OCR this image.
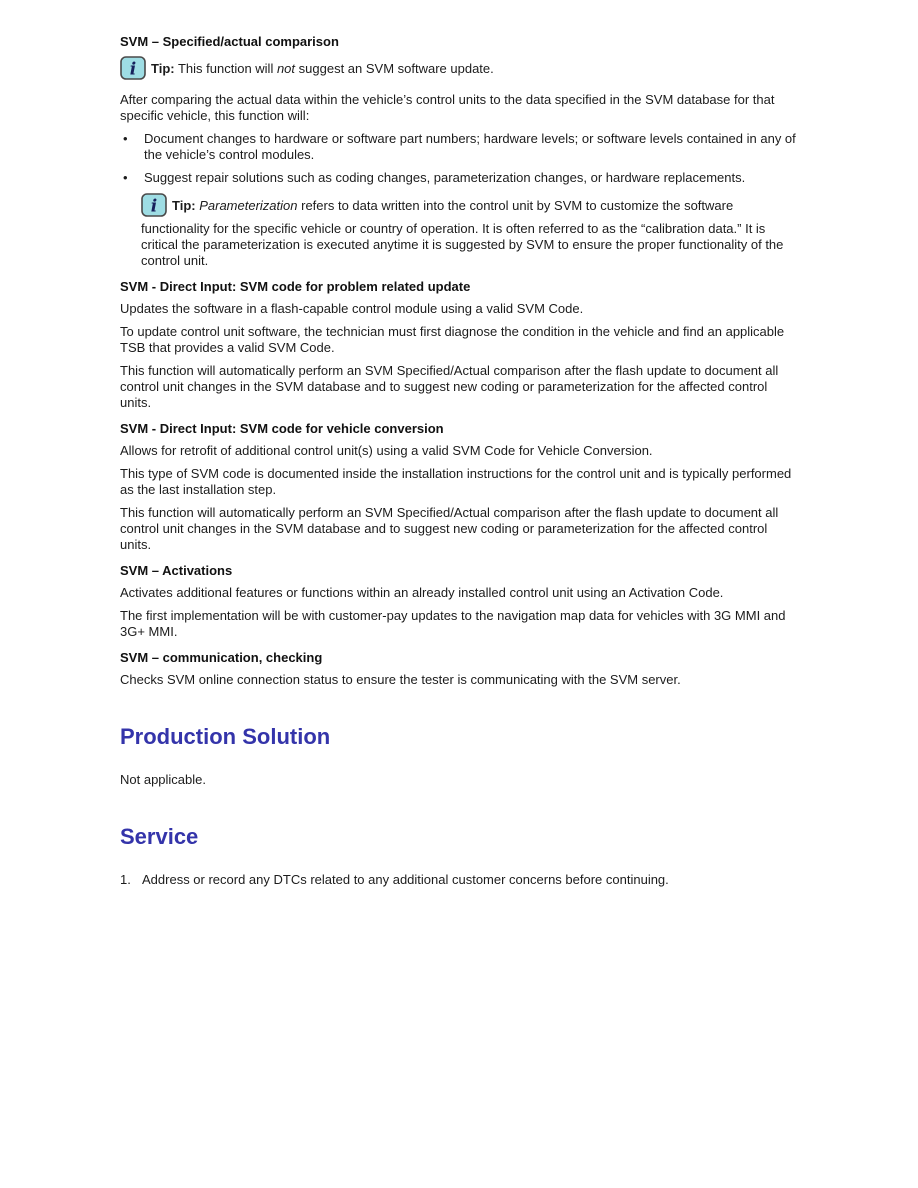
SVM – Specified/actual comparison
i Tip: This function will not suggest an SVM software update.

After comparing the actual data within the vehicle’s control units to the data specified in the SVM database for that specific vehicle, this function will:

•	Document changes to hardware or software part numbers; hardware levels; or software levels contained in any of the vehicle’s control modules.
•	Suggest repair solutions such as coding changes, parameterization changes, or hardware replacements.
i Tip: Parameterization refers to data written into the control unit by SVM to customize the software functionality for the specific vehicle or country of operation. It is often referred to as the “calibration data.” It is critical the parameterization is executed anytime it is suggested by SVM to ensure the proper functionality of the control unit.
SVM - Direct Input: SVM code for problem related update

Updates the software in a flash-capable control module using a valid SVM Code.

To update control unit software, the technician must first diagnose the condition in the vehicle and find an applicable TSB that provides a valid SVM Code.

This function will automatically perform an SVM Specified/Actual comparison after the flash update to document all control unit changes in the SVM database and to suggest new coding or parameterization for the affected control units.

SVM - Direct Input: SVM code for vehicle conversion

Allows for retrofit of additional control unit(s) using a valid SVM Code for Vehicle Conversion.

This type of SVM code is documented inside the installation instructions for the control unit and is typically performed as the last installation step.

This function will automatically perform an SVM Specified/Actual comparison after the flash update to document all control unit changes in the SVM database and to suggest new coding or parameterization for the affected control units.

SVM – Activations

Activates additional features or functions within an already installed control unit using an Activation Code.

The first implementation will be with customer-pay updates to the navigation map data for vehicles with 3G MMI and 3G+ MMI.

SVM – communication, checking

Checks SVM online connection status to ensure the tester is communicating with the SVM server.

Production Solution

Not applicable.

Service
1. Address or record any DTCs related to any additional customer concerns before continuing.
